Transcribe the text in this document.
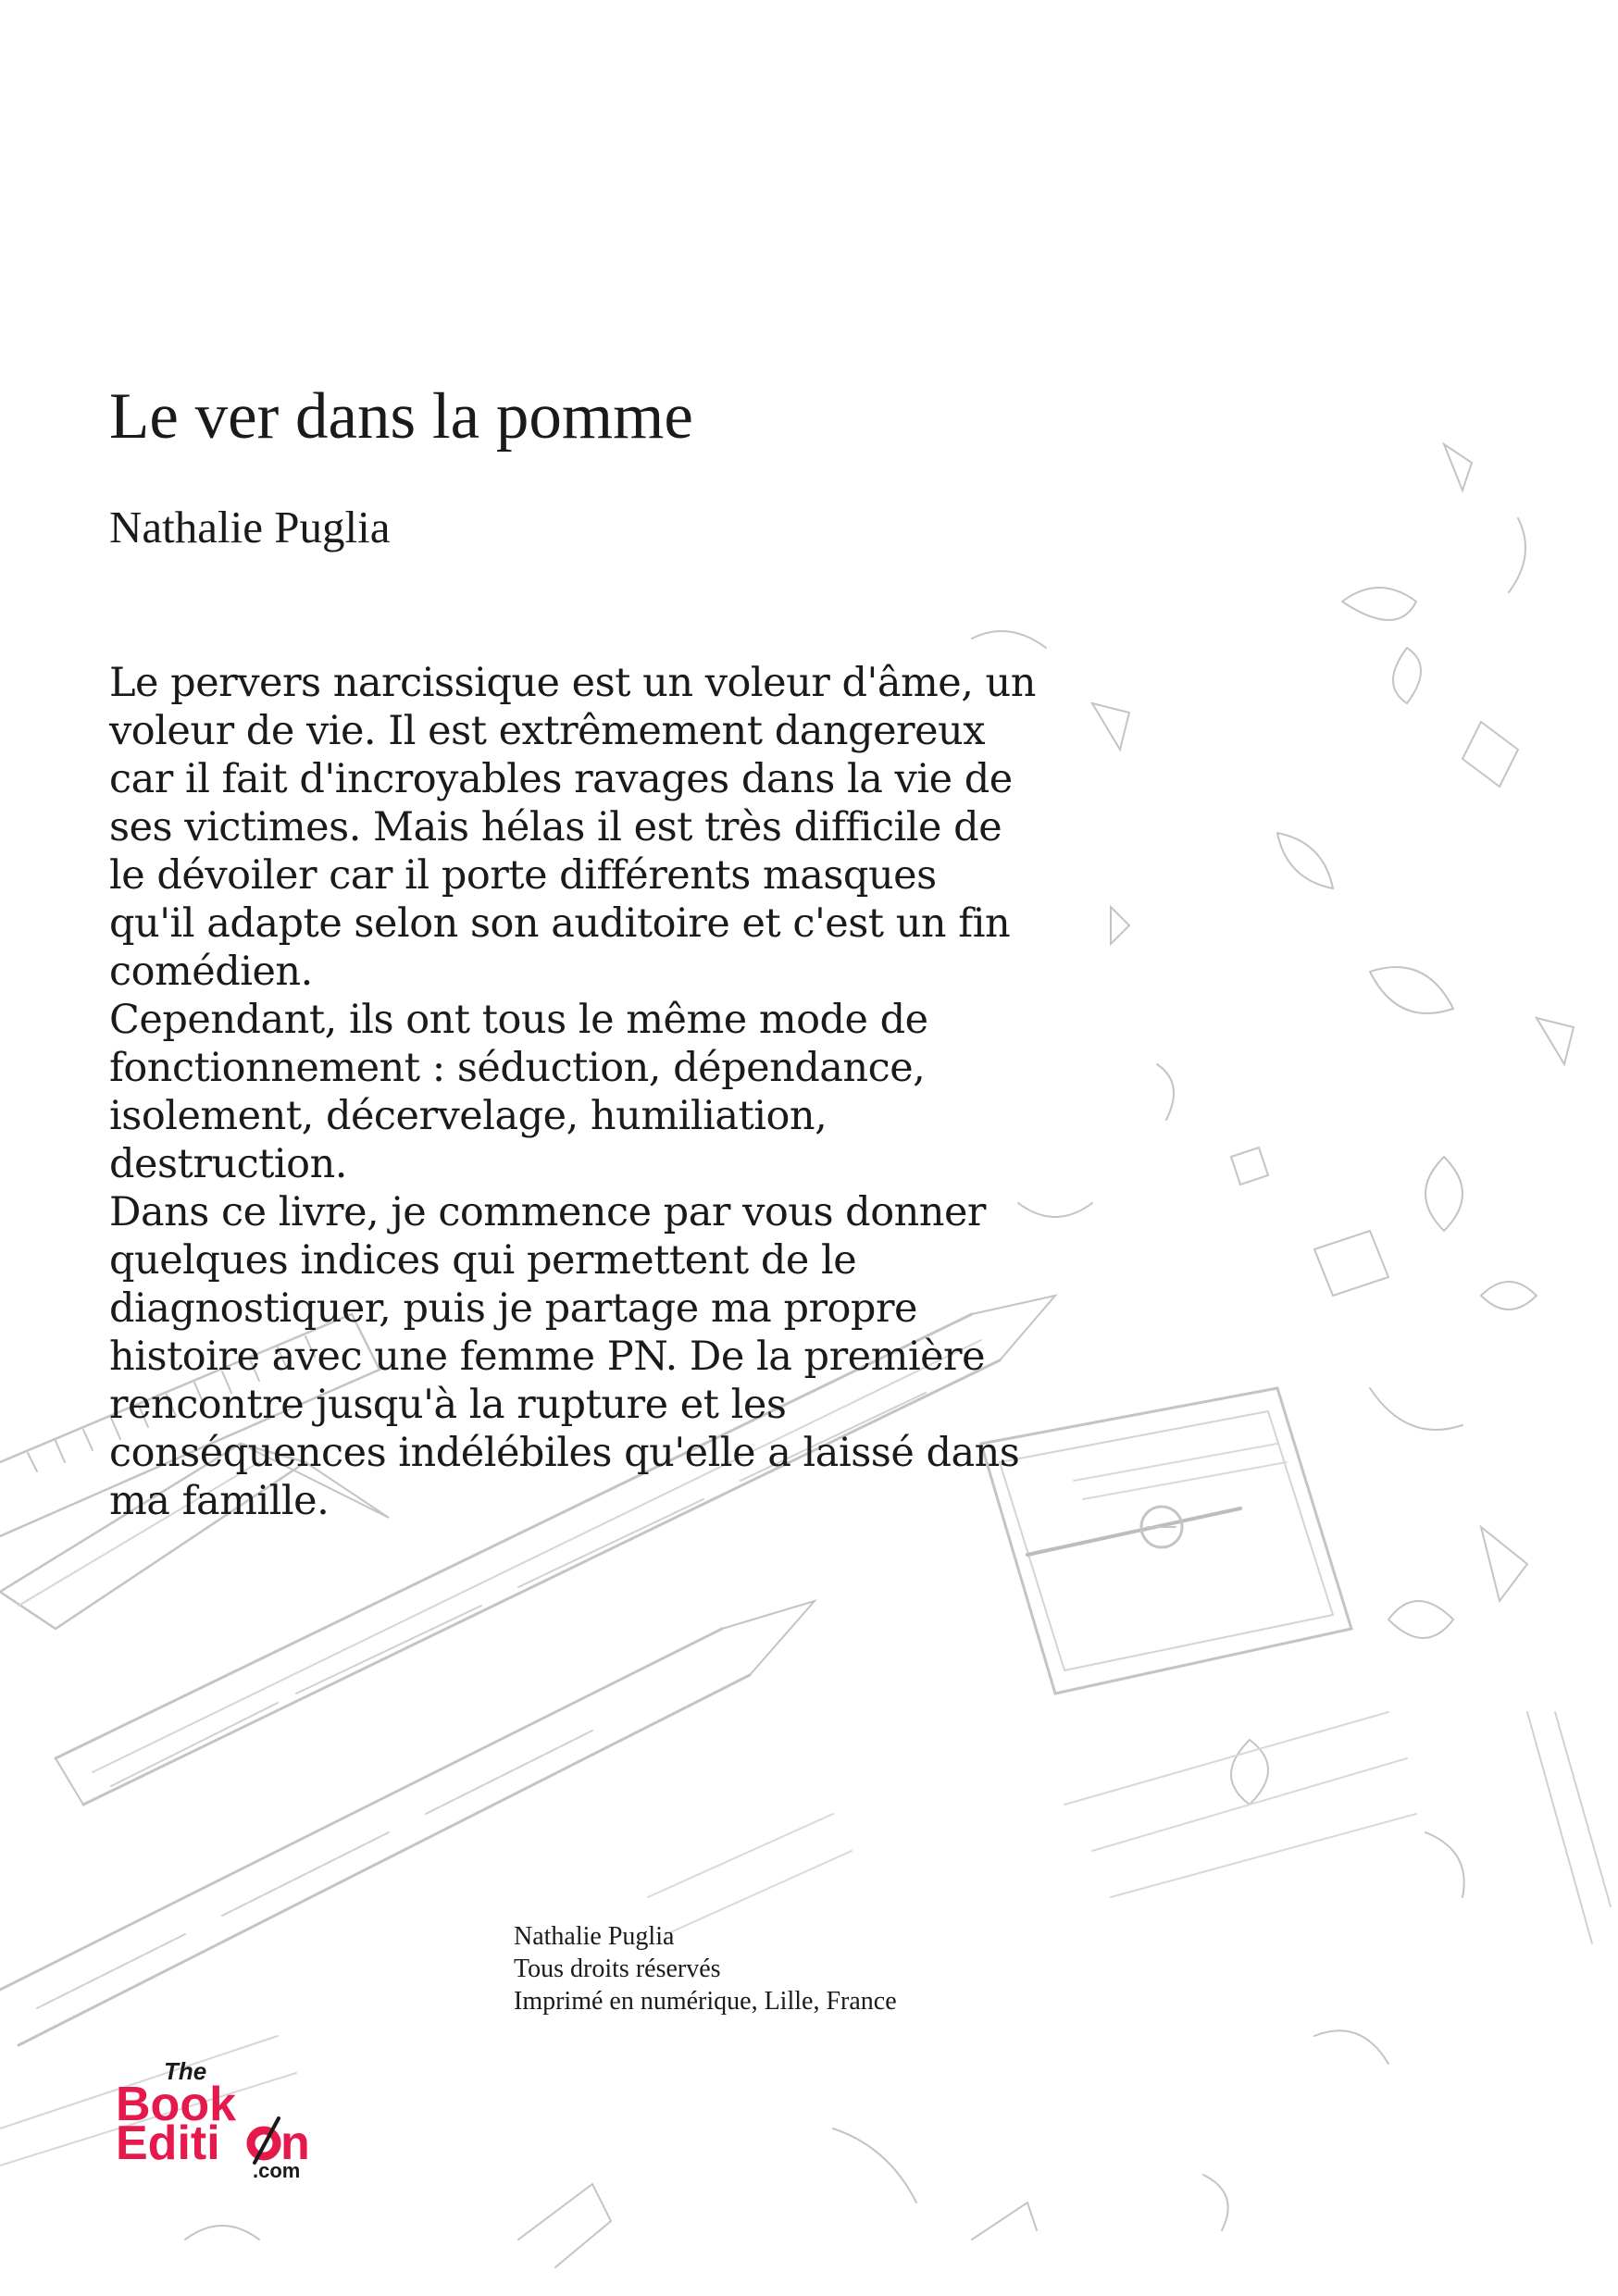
Le ver dans la pomme

Nathalie Puglia

Le pervers narcissique est un voleur d'âme, un
voleur de vie. Il est extrêmement dangereux
car il fait d'incroyables ravages dans la vie de
ses victimes. Mais hélas il est très difficile de
le dévoiler car il porte différents masques
qu'il adapte selon son auditoire et c'est un fin
comédien.
Cependant, ils ont tous le même mode de
fonctionnement : séduction, dépendance,
isolement, décervelage, humiliation,
destruction.
Dans ce livre, je commence par vous donner
quelques indices qui permettent de le
diagnostiquer, puis je partage ma propre
histoire avec une femme PN. De la première
rencontre jusqu'à la rupture et les
conséquences indélébiles qu'elle a laissé dans
ma famille.
Nathalie Puglia
Tous droits réservés
Imprimé en numérique, Lille, France
The
Book
Editi n
.com
